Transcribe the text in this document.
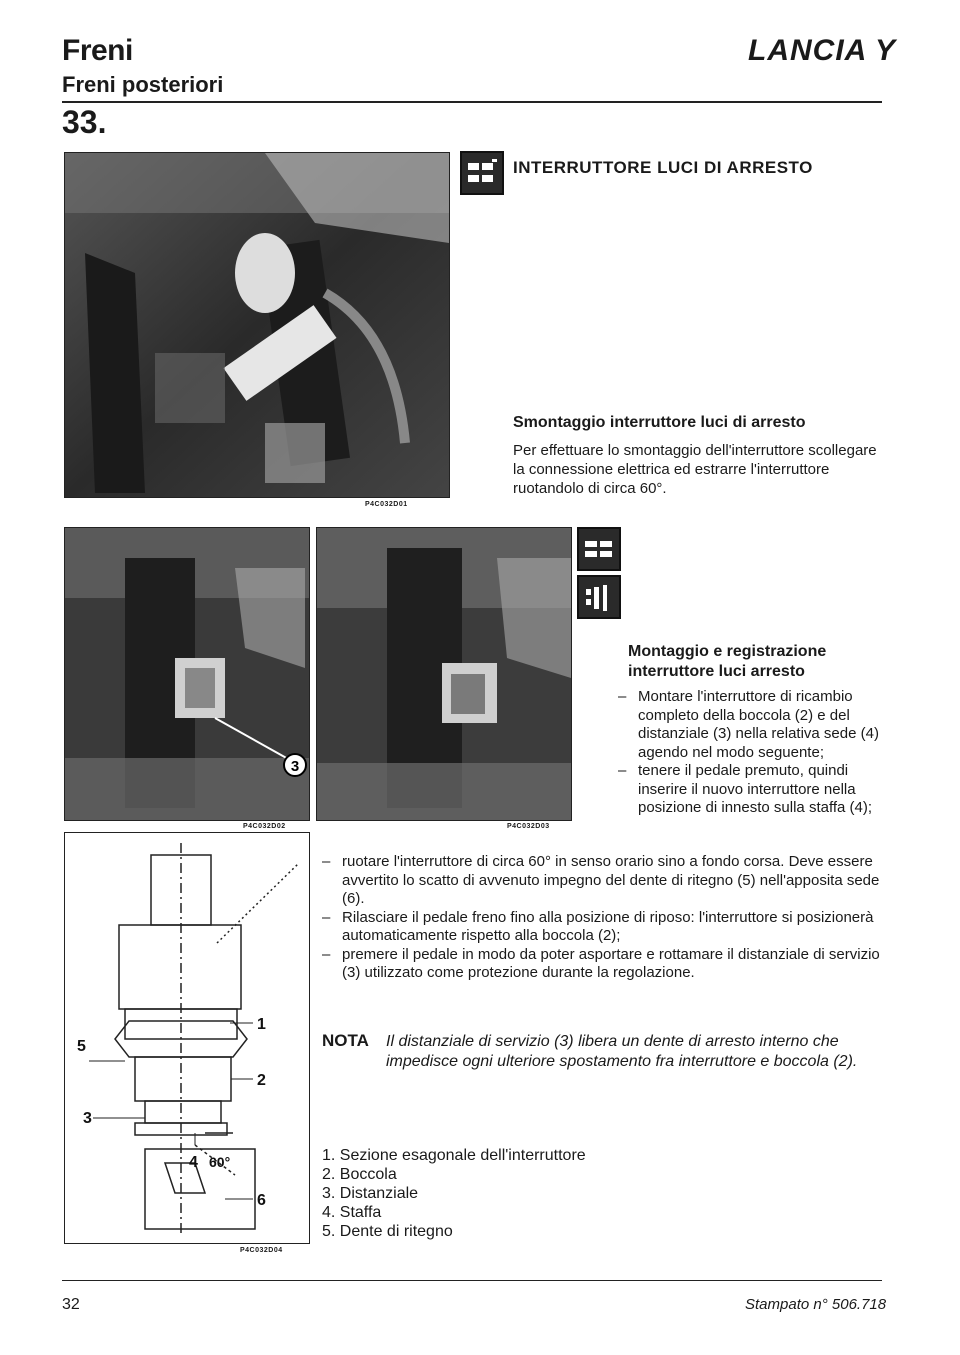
Freni
Freni posteriori
LANCIA Y
33.
P4C032D01
INTERRUTTORE LUCI DI ARRESTO
Smontaggio interruttore luci di arresto
Per effettuare lo smontaggio dell'interruttore scollegare la connessione elettrica ed estrarre l'interruttore ruotandolo di circa 60°.
3
P4C032D02	P4C032D03
Montaggio e registrazione interruttore luci arresto
– Montare l'interruttore di ricambio completo della boccola (2) e del distanziale (3) nella relativa sede (4) agendo nel modo seguente;
– tenere il pedale premuto, quindi inserire il nuovo interruttore nella posizione di innesto sulla staffa (4);
– ruotare l'interruttore di circa 60° in senso orario sino a fondo corsa. Deve essere avvertito lo scatto di avvenuto impegno del dente di ritegno (5) nell'apposita sede (6).
– Rilasciare il pedale freno fino alla posizione di riposo: l'interruttore si posizionerà automaticamente rispetto alla boccola (2);
– premere il pedale in modo da poter asportare e rottamare il distanziale di servizio (3) utilizzato come protezione durante la regolazione.
NOTA Il distanziale di servizio (3) libera un dente di arresto interno che impedisce ogni ulteriore spostamento fra interruttore e boccola (2).
1
2
3
4
5
6
60°
P4C032D04
1. Sezione esagonale dell'interruttore
2. Boccola
3. Distanziale
4. Staffa
5. Dente di ritegno
32	Stampato n° 506.718
